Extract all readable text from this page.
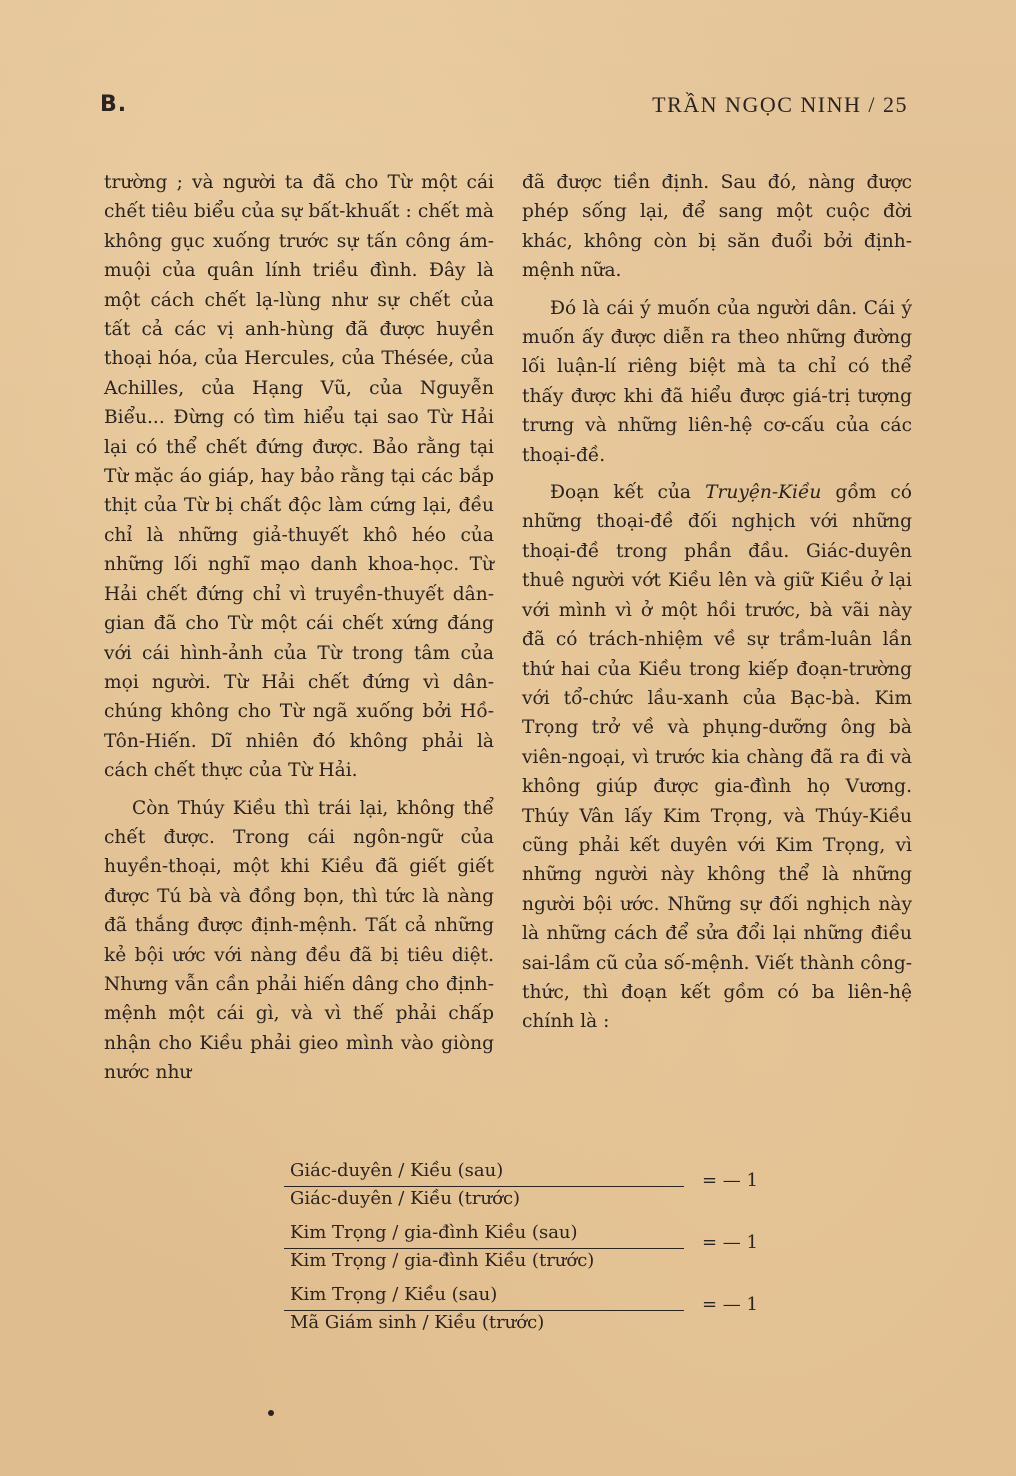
B.	TRẦN NGỌC NINH / 25

trường ; và người ta đã cho Từ một cái chết tiêu biểu của sự bất-khuất : chết mà không gục xuống trước sự tấn công ám-muội của quân lính triều đình. Đây là một cách chết lạ-lùng như sự chết của tất cả các vị anh-hùng đã được huyền thoại hóa, của Hercules, của Thésée, của Achilles, của Hạng Vũ, của Nguyễn Biểu... Đừng có tìm hiểu tại sao Từ Hải lại có thể chết đứng được. Bảo rằng tại Từ mặc áo giáp, hay bảo rằng tại các bắp thịt của Từ bị chất độc làm cứng lại, đều chỉ là những giả-thuyết khô héo của những lối nghĩ mạo danh khoa-học. Từ Hải chết đứng chỉ vì truyền-thuyết dân-gian đã cho Từ một cái chết xứng đáng với cái hình-ảnh của Từ trong tâm của mọi người. Từ Hải chết đứng vì dân-chúng không cho Từ ngã xuống bởi Hồ-Tôn-Hiến. Dĩ nhiên đó không phải là cách chết thực của Từ Hải.

Còn Thúy Kiều thì trái lại, không thể chết được. Trong cái ngôn-ngữ của huyền-thoại, một khi Kiều đã giết giết được Tú bà và đồng bọn, thì tức là nàng đã thắng được định-mệnh. Tất cả những kẻ bội ước với nàng đều đã bị tiêu diệt. Nhưng vẫn cần phải hiến dâng cho định-mệnh một cái gì, và vì thế phải chấp nhận cho Kiều phải gieo mình vào giòng nước như

đã được tiền định. Sau đó, nàng được phép sống lại, để sang một cuộc đời khác, không còn bị săn đuổi bởi định-mệnh nữa.

Đó là cái ý muốn của người dân. Cái ý muốn ấy được diễn ra theo những đường lối luận-lí riêng biệt mà ta chỉ có thể thấy được khi đã hiểu được giá-trị tượng trưng và những liên-hệ cơ-cấu của các thoại-đề.

Đoạn kết của Truyện-Kiều gồm có những thoại-đề đối nghịch với những thoại-đề trong phần đầu. Giác-duyên thuê người vớt Kiều lên và giữ Kiều ở lại với mình vì ở một hồi trước, bà vãi này đã có trách-nhiệm về sự trầm-luân lần thứ hai của Kiều trong kiếp đoạn-trường với tổ-chức lầu-xanh của Bạc-bà. Kim Trọng trở về và phụng-dưỡng ông bà viên-ngoại, vì trước kia chàng đã ra đi và không giúp được gia-đình họ Vương. Thúy Vân lấy Kim Trọng, và Thúy-Kiều cũng phải kết duyên với Kim Trọng, vì những người này không thể là những người bội ước. Những sự đối nghịch này là những cách để sửa đổi lại những điều sai-lầm cũ của số-mệnh. Viết thành công-thức, thì đoạn kết gồm có ba liên-hệ chính là :

Giác-duyên / Kiều (sau)
Giác-duyên / Kiều (trước)
= — 1
Kim Trọng / gia-đình Kiều (sau)
Kim Trọng / gia-đình Kiều (trước)
= — 1
Kim Trọng / Kiều (sau)
Mã Giám sinh / Kiều (trước)
= — 1
